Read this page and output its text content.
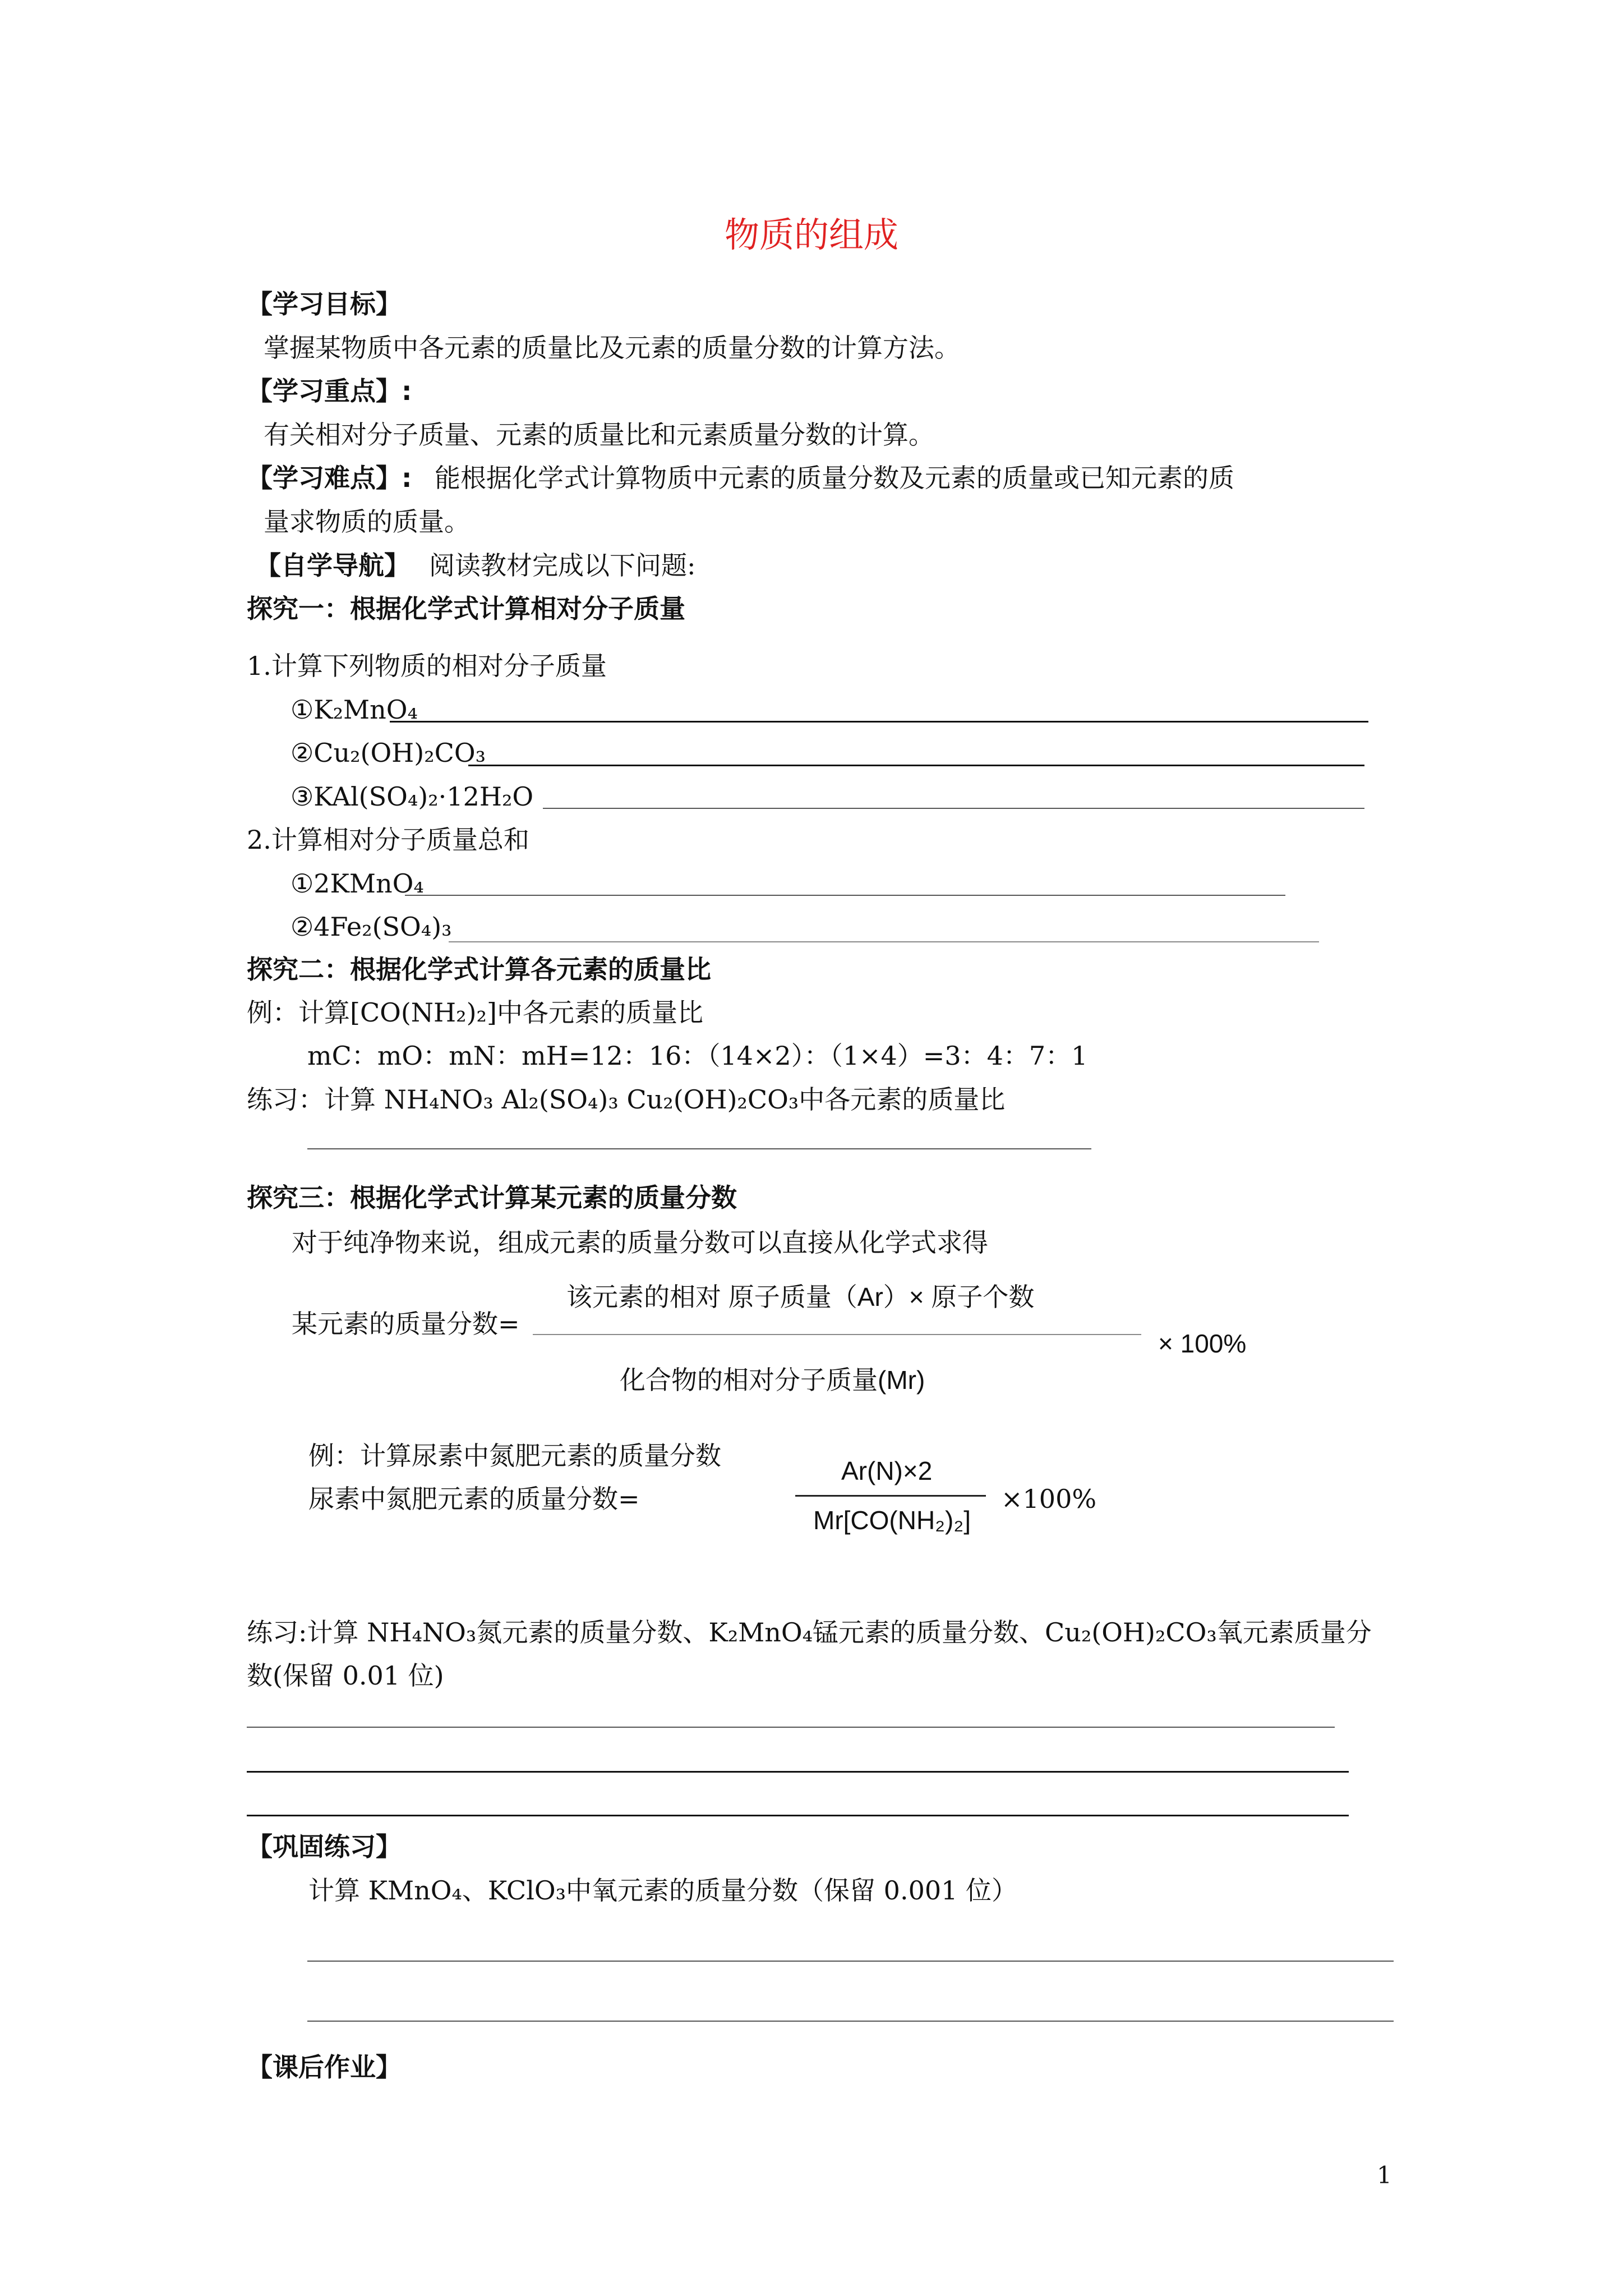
物质的组成
【学习目标】
掌握某物质中各元素的质量比及元素的质量分数的计算方法。
【学习重点】:
有关相对分子质量、元素的质量比和元素质量分数的计算。
【学习难点】: 能根据化学式计算物质中元素的质量分数及元素的质量或已知元素的质
量求物质的质量。
【自学导航】 阅读教材完成以下问题:
探究一：根据化学式计算相对分子质量
1.计算下列物质的相对分子质量
①K₂MnO₄
②Cu₂(OH)₂CO₃
③KAl(SO₄)₂·12H₂O
2.计算相对分子质量总和
①2KMnO₄
②4Fe₂(SO₄)₃
探究二：根据化学式计算各元素的质量比
例：计算[CO(NH₂)₂]中各元素的质量比
mC：mO：mN：mH=12：16：（14×2）：（1×4）=3：4：7：1
练习：计算 NH₄NO₃ Al₂(SO₄)₃ Cu₂(OH)₂CO₃中各元素的质量比
探究三：根据化学式计算某元素的质量分数
对于纯净物来说，组成元素的质量分数可以直接从化学式求得
某元素的质量分数=
该元素的相对 原子质量（Ar）× 原子个数
× 100%
化合物的相对分子质量(Mr)
例：计算尿素中氮肥元素的质量分数
尿素中氮肥元素的质量分数=
Ar(N)×2
Mr[CO(NH₂)₂]
×100%
练习:计算 NH₄NO₃氮元素的质量分数、K₂MnO₄锰元素的质量分数、Cu₂(OH)₂CO₃氧元素质量分
数(保留 0.01 位)
【巩固练习】
计算 KMnO₄、KClO₃中氧元素的质量分数（保留 0.001 位）
【课后作业】
1
